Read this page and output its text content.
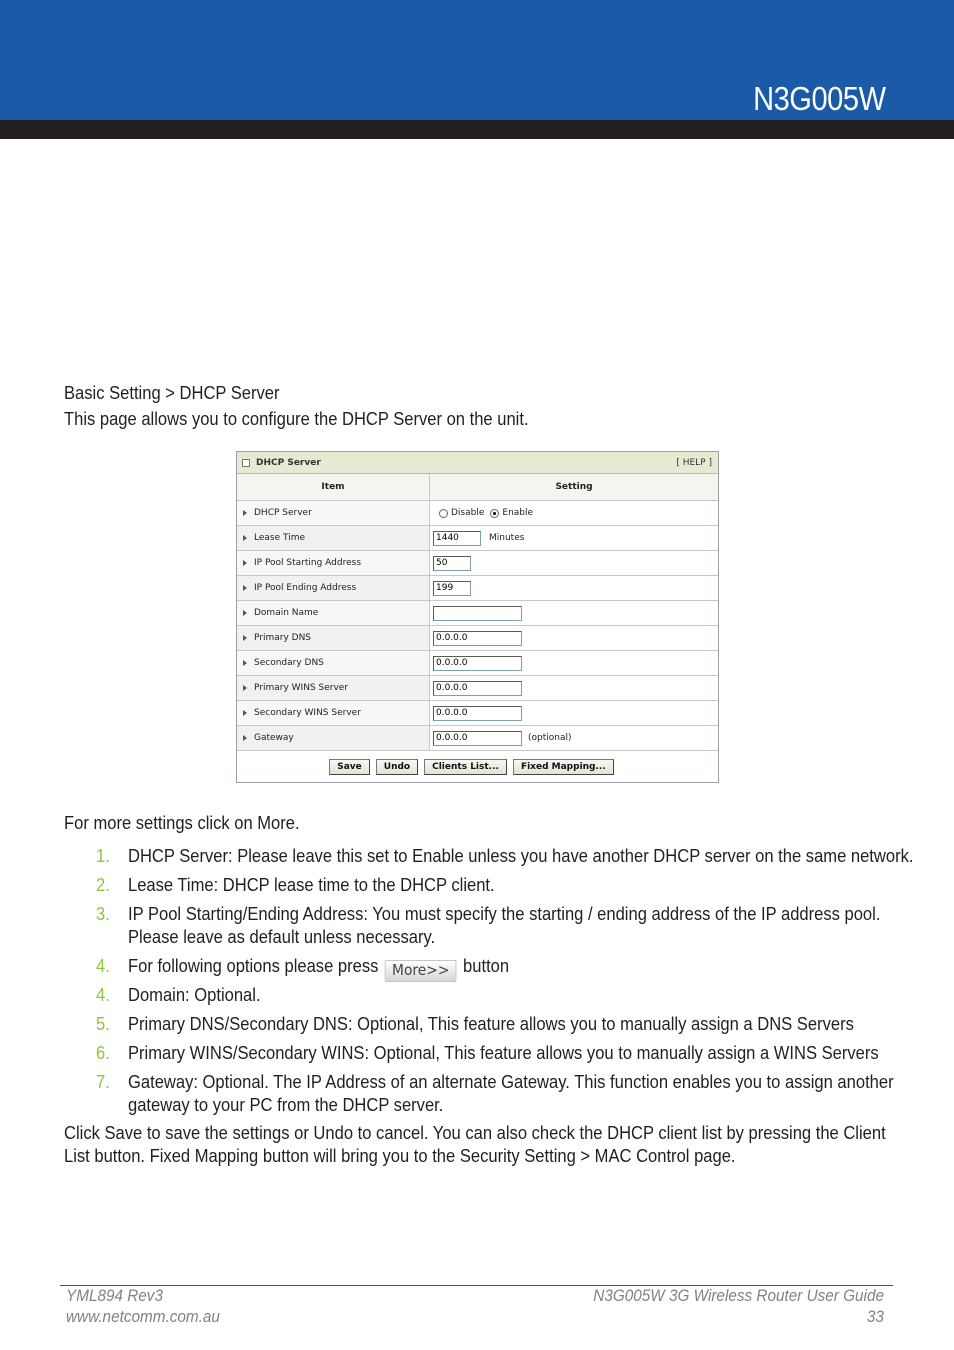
N3G005W
Basic Setting > DHCP Server
This page allows you to configure the DHCP Server on the unit.
DHCP Server	[ HELP ]
Item	Setting
DHCP Server	Disable Enable
Lease Time	1440	Minutes
IP Pool Starting Address	50
IP Pool Ending Address	199
Domain Name
Primary DNS	0.0.0.0
Secondary DNS	0.0.0.0
Primary WINS Server	0.0.0.0
Secondary WINS Server	0.0.0.0
Gateway	0.0.0.0	(optional)
Save	Undo	Clients List...	Fixed Mapping...
For more settings click on More.
1. DHCP Server: Please leave this set to Enable unless you have another DHCP server on the same network.
2. Lease Time: DHCP lease time to the DHCP client.
3. IP Pool Starting/Ending Address: You must specify the starting / ending address of the IP address pool.
Please leave as default unless necessary.
4. For following options please press More>> button
4. Domain: Optional.
5. Primary DNS/Secondary DNS: Optional, This feature allows you to manually assign a DNS Servers
6. Primary WINS/Secondary WINS: Optional, This feature allows you to manually assign a WINS Servers
7. Gateway: Optional. The IP Address of an alternate Gateway. This function enables you to assign another
gateway to your PC from the DHCP server.
Click Save to save the settings or Undo to cancel. You can also check the DHCP client list by pressing the Client
List button. Fixed Mapping button will bring you to the Security Setting > MAC Control page.
YML894 Rev3
www.netcomm.com.au
N3G005W 3G Wireless Router User Guide
33
